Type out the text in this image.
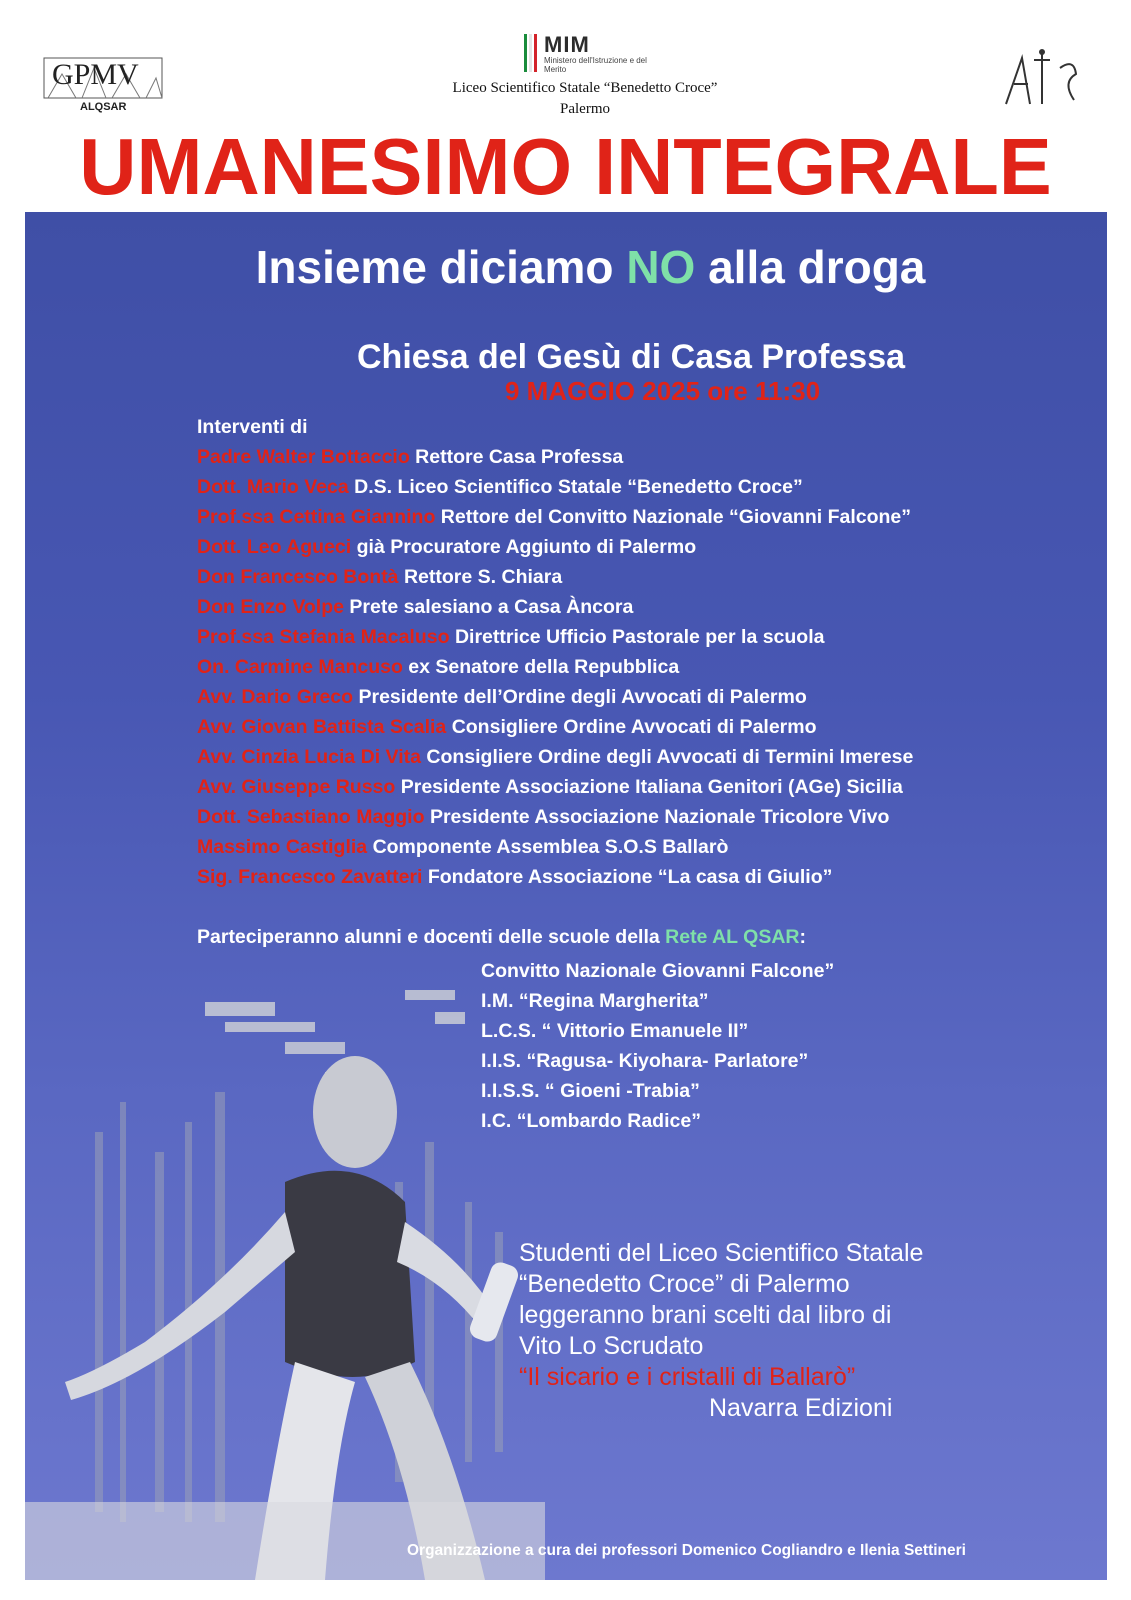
GPMV
ALQSAR
MIM
Ministero dell'Istruzione e del Merito
Liceo Scientifico Statale “Benedetto Croce”
Palermo
UMANESIMO INTEGRALE
Insieme diciamo NO alla droga
Chiesa del Gesù di Casa Professa
9 MAGGIO 2025 ore 11:30
Interventi di
Padre Walter Bottaccio Rettore Casa Professa
Dott. Mario Veca D.S. Liceo Scientifico Statale “Benedetto Croce”
Prof.ssa Cettina Giannino Rettore del Convitto Nazionale “Giovanni Falcone”
Dott. Leo Agueci già Procuratore Aggiunto di Palermo
Don Francesco Bontà Rettore S. Chiara
Don Enzo Volpe Prete salesiano a Casa Àncora
Prof.ssa Stefania Macaluso Direttrice Ufficio Pastorale per la scuola
On. Carmine Mancuso ex Senatore della Repubblica
Avv. Dario Greco Presidente dell’Ordine degli Avvocati di Palermo
Avv. Giovan Battista Scalia Consigliere Ordine Avvocati di Palermo
Avv. Cinzia Lucia Di Vita Consigliere Ordine degli Avvocati di Termini Imerese
Avv. Giuseppe Russo Presidente Associazione Italiana Genitori (AGe) Sicilia
Dott. Sebastiano Maggio Presidente Associazione Nazionale Tricolore Vivo
Massimo Castiglia Componente Assemblea S.O.S Ballarò
Sig. Francesco Zavatteri Fondatore Associazione “La casa di Giulio”
Parteciperanno alunni e docenti delle scuole della Rete AL QSAR:
Convitto Nazionale Giovanni Falcone”
I.M. “Regina Margherita”
L.C.S. “ Vittorio Emanuele II”
I.I.S. “Ragusa- Kiyohara- Parlatore”
I.I.S.S. “ Gioeni -Trabia”
I.C. “Lombardo Radice”
Studenti del Liceo Scientifico Statale
“Benedetto Croce” di Palermo
leggeranno brani scelti dal libro di
Vito Lo Scrudato
“Il sicario e i cristalli di Ballarò”
Navarra Edizioni
Organizzazione a cura dei professori Domenico Cogliandro e Ilenia Settineri
